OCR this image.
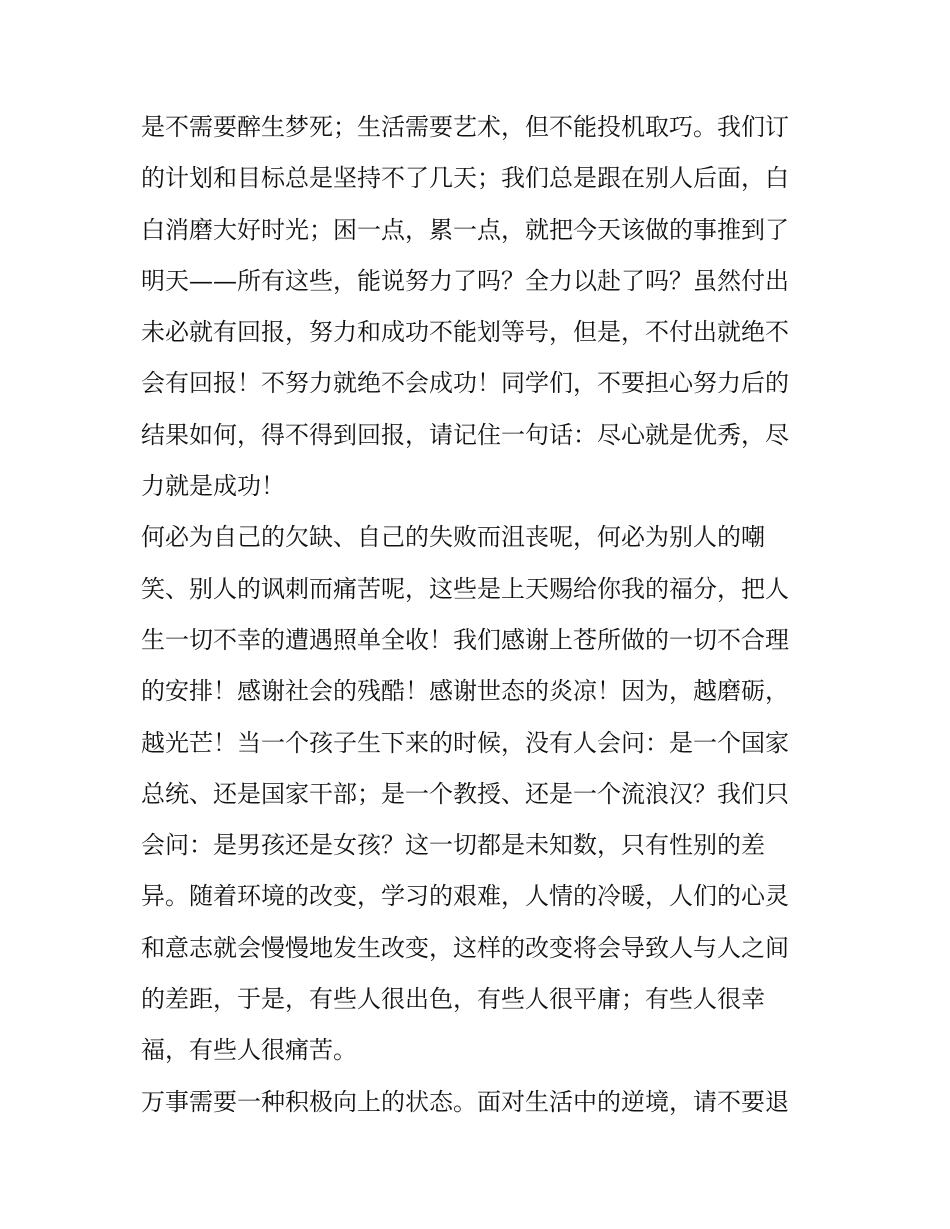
是不需要醉生梦死；生活需要艺术，但不能投机取巧。我们订
的计划和目标总是坚持不了几天；我们总是跟在别人后面，白
白消磨大好时光；困一点，累一点，就把今天该做的事推到了
明天——所有这些，能说努力了吗？全力以赴了吗？虽然付出
未必就有回报，努力和成功不能划等号，但是，不付出就绝不
会有回报！不努力就绝不会成功！同学们，不要担心努力后的
结果如何，得不得到回报，请记住一句话：尽心就是优秀，尽
力就是成功！
何必为自己的欠缺、自己的失败而沮丧呢，何必为别人的嘲
笑、别人的讽刺而痛苦呢，这些是上天赐给你我的福分，把人
生一切不幸的遭遇照单全收！我们感谢上苍所做的一切不合理
的安排！感谢社会的残酷！感谢世态的炎凉！因为，越磨砺，
越光芒！当一个孩子生下来的时候，没有人会问：是一个国家
总统、还是国家干部；是一个教授、还是一个流浪汉？我们只
会问：是男孩还是女孩？这一切都是未知数，只有性别的差
异。随着环境的改变，学习的艰难，人情的冷暖，人们的心灵
和意志就会慢慢地发生改变，这样的改变将会导致人与人之间
的差距，于是，有些人很出色，有些人很平庸；有些人很幸
福，有些人很痛苦。
万事需要一种积极向上的状态。面对生活中的逆境，请不要退
